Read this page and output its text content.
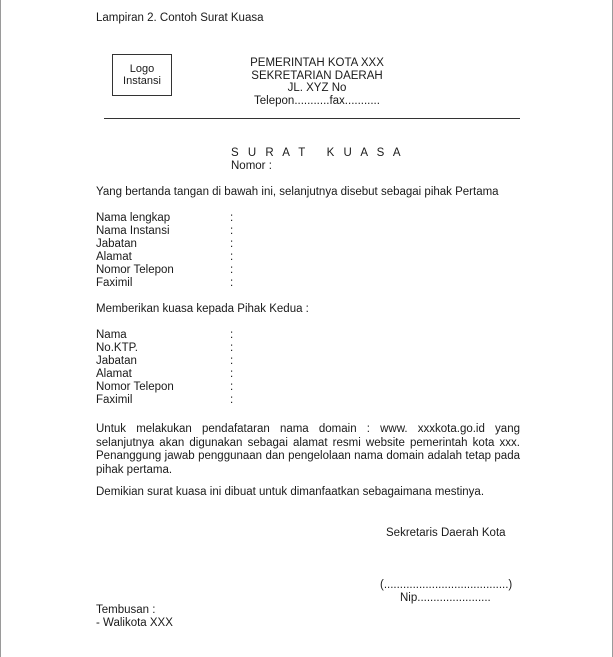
Lampiran 2. Contoh Surat Kuasa
Logo
Instansi
PEMERINTAH KOTA XXX
SEKRETARIAN DAERAH
JL. XYZ No
Telepon...........fax...........
S U R A T   K U A S A
Nomor :
Yang bertanda tangan di bawah ini, selanjutnya disebut sebagai pihak Pertama
Nama lengkap	:
Nama Instansi	:
Jabatan	:
Alamat	:
Nomor Telepon	:
Faximil	:
Memberikan kuasa kepada Pihak Kedua :
Nama	:
No.KTP.	:
Jabatan	:
Alamat	:
Nomor Telepon	:
Faximil	:
Untuk melakukan pendafataran nama domain : www. xxxkota.go.id yang selanjutnya akan digunakan sebagai alamat resmi website pemerintah kota xxx. Penanggung jawab penggunaan dan pengelolaan nama domain adalah tetap pada pihak pertama.
Demikian surat kuasa ini dibuat untuk dimanfaatkan sebagaimana mestinya.
Sekretaris Daerah Kota
(.......................................)
Nip.......................
Tembusan :
- Walikota XXX
